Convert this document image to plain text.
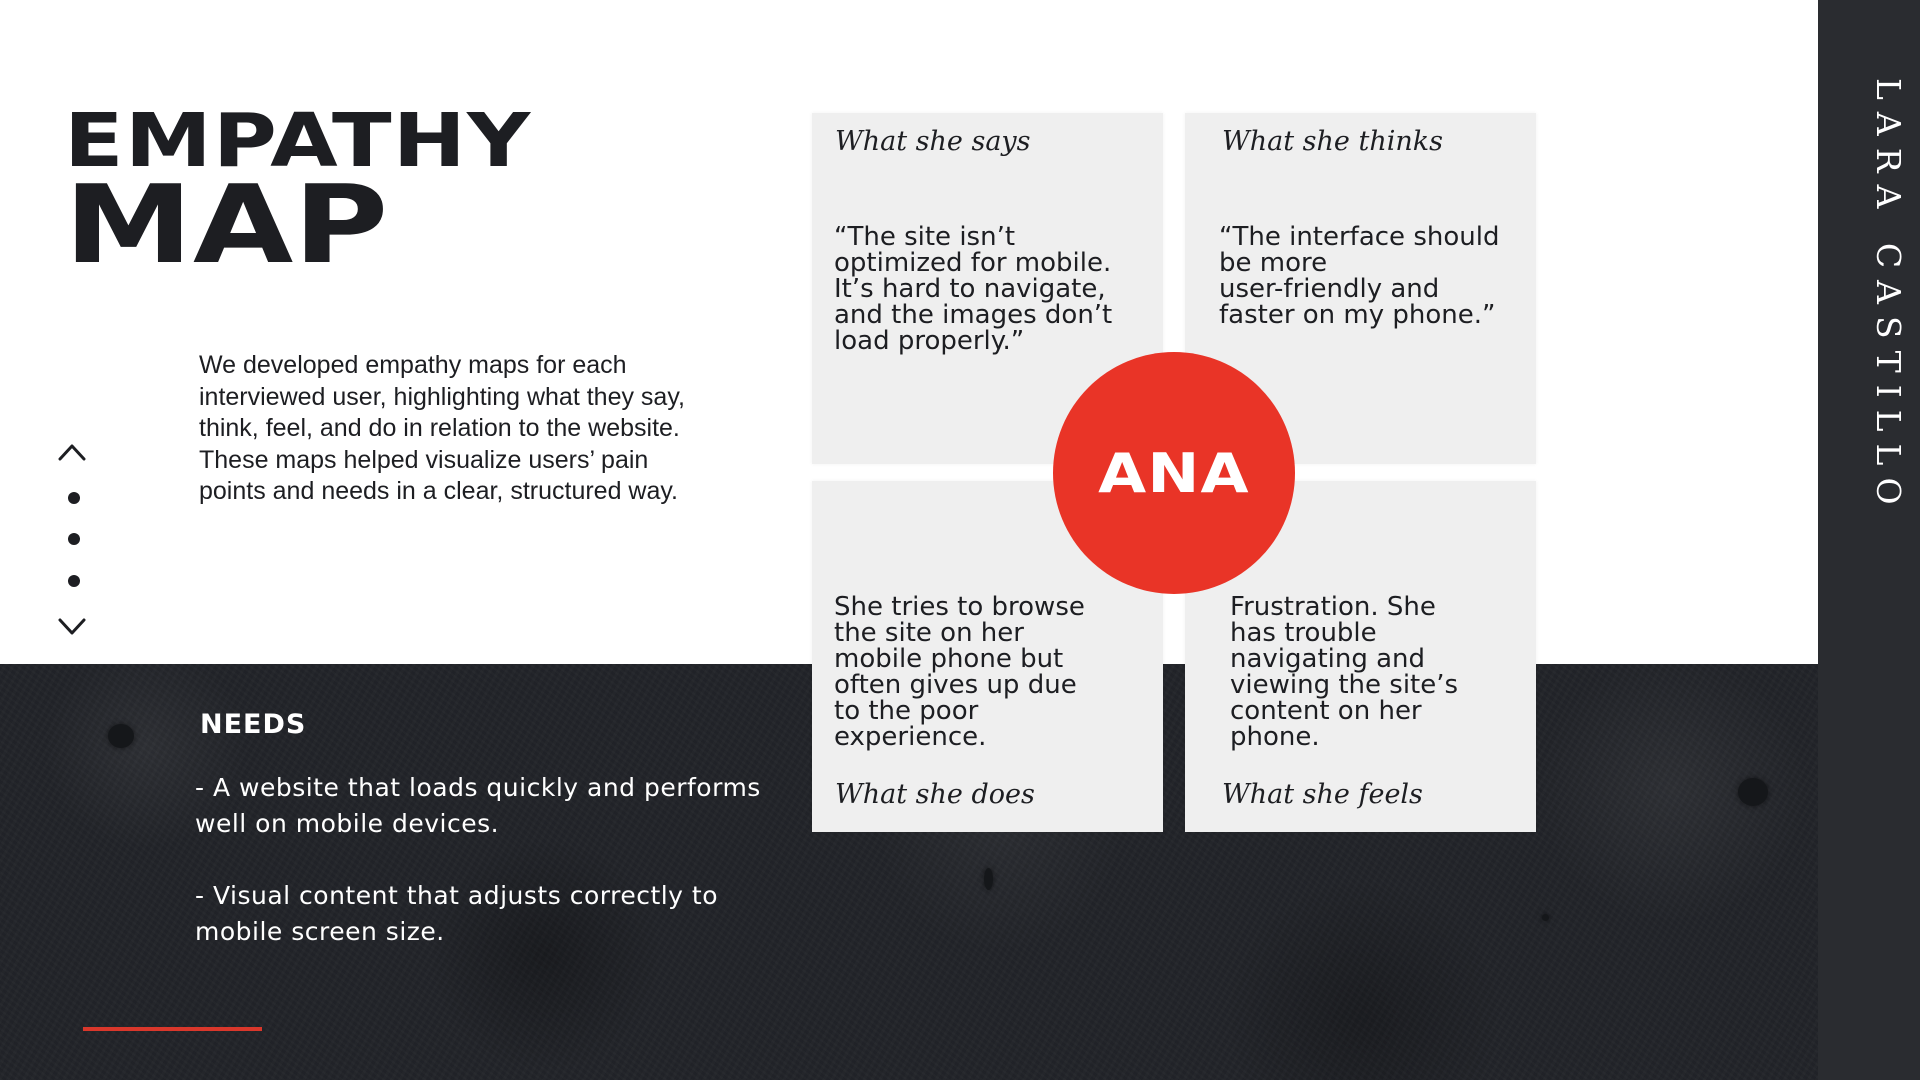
LARA CASTILLO
EMPATHY
MAP
We developed empathy maps for each interviewed user, highlighting what they say, think, feel, and do in relation to the website. These maps helped visualize users’ pain points and needs in a clear, structured way.
NEEDS
- A website that loads quickly and performs well on mobile devices.
- Visual content that adjusts correctly to mobile screen size.
What she says
“The site isn’t
optimized for mobile.
It’s hard to navigate,
and the images don’t
load properly.”
What she thinks
“The interface should
be more
user-friendly and
faster on my phone.”
She tries to browse
the site on her
mobile phone but
often gives up due
to the poor
experience.
What she does
Frustration. She
has trouble
navigating and
viewing the site’s
content on her
phone.
What she feels
ANA
